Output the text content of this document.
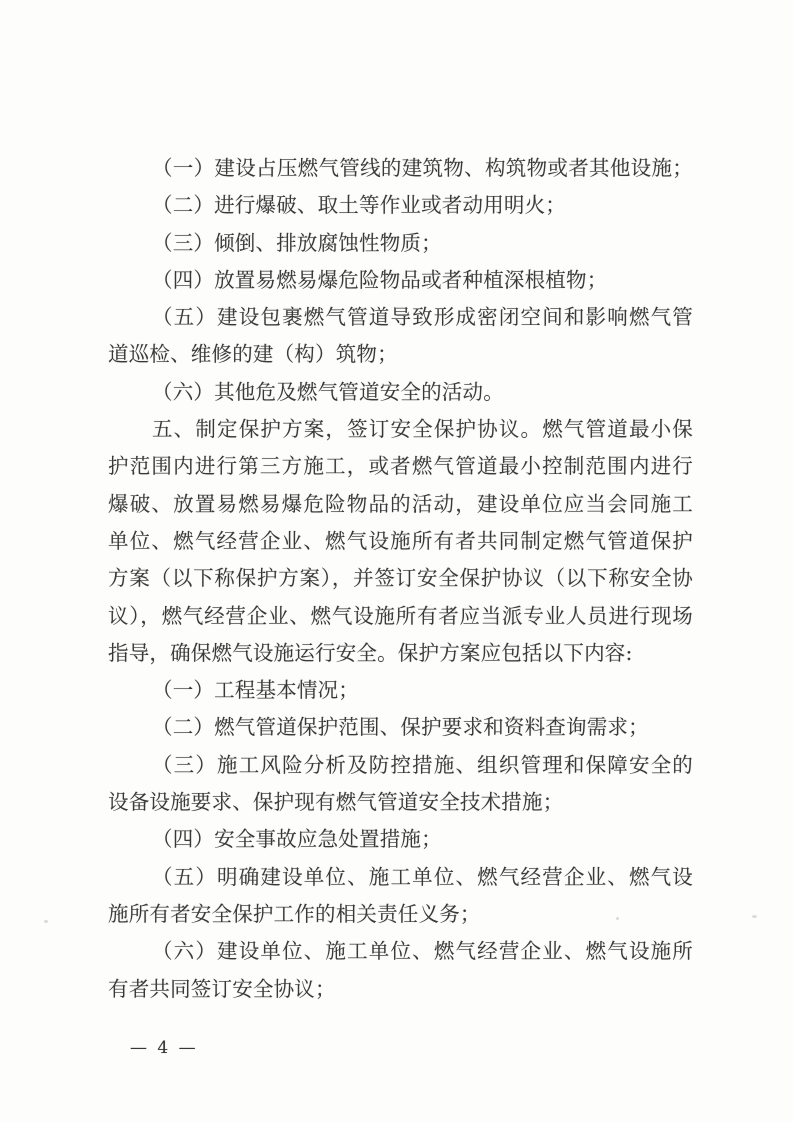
（一）建设占压燃气管线的建筑物、构筑物或者其他设施；
（二）进行爆破、取土等作业或者动用明火；
（三）倾倒、排放腐蚀性物质；
（四）放置易燃易爆危险物品或者种植深根植物；
（五）建设包裹燃气管道导致形成密闭空间和影响燃气管
道巡检、维修的建（构）筑物；
（六）其他危及燃气管道安全的活动。
五、制定保护方案，签订安全保护协议。燃气管道最小保
护范围内进行第三方施工，或者燃气管道最小控制范围内进行
爆破、放置易燃易爆危险物品的活动，建设单位应当会同施工
单位、燃气经营企业、燃气设施所有者共同制定燃气管道保护
方案（以下称保护方案），并签订安全保护协议（以下称安全协
议），燃气经营企业、燃气设施所有者应当派专业人员进行现场
指导，确保燃气设施运行安全。保护方案应包括以下内容:
（一）工程基本情况；
（二）燃气管道保护范围、保护要求和资料查询需求；
（三）施工风险分析及防控措施、组织管理和保障安全的
设备设施要求、保护现有燃气管道安全技术措施；
（四）安全事故应急处置措施；
（五）明确建设单位、施工单位、燃气经营企业、燃气设
施所有者安全保护工作的相关责任义务；
（六）建设单位、施工单位、燃气经营企业、燃气设施所
有者共同签订安全协议；
— 4 —
